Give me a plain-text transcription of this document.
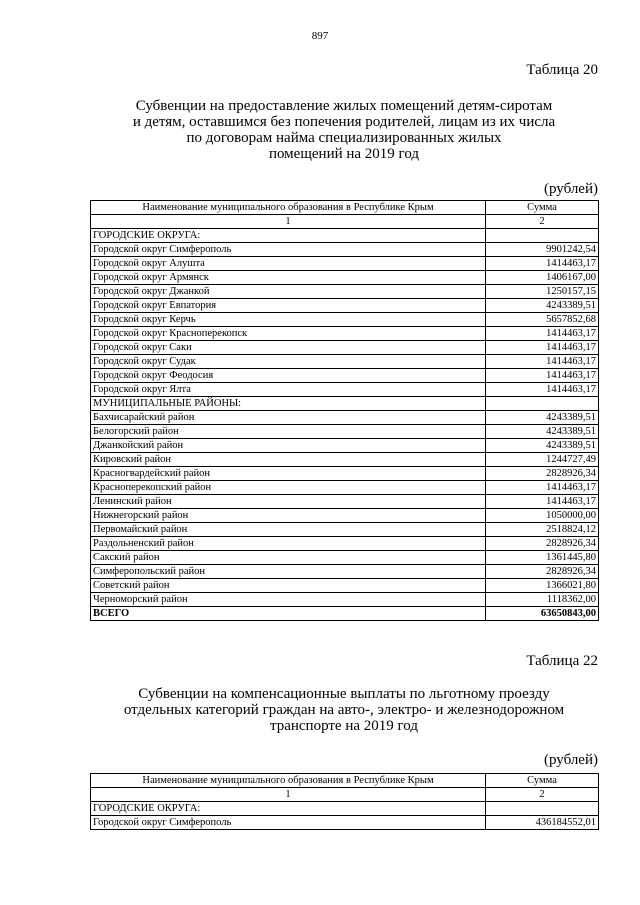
897
Таблица 20
Субвенции на предоставление жилых помещений детям-сиротам
и детям, оставшимся без попечения родителей, лицам из их числа
по договорам найма специализированных жилых
помещений на 2019 год
(рублей)
Наименование муниципального образования в Республике Крым	Сумма
1	2
ГОРОДСКИЕ ОКРУГА:	
Городской округ Симферополь	9901242,54
Городской округ Алушта	1414463,17
Городской округ Армянск	1406167,00
Городской округ Джанкой	1250157,15
Городской округ Евпатория	4243389,51
Городской округ Керчь	5657852,68
Городской округ Красноперекопск	1414463,17
Городской округ Саки	1414463,17
Городской округ Судак	1414463,17
Городской округ Феодосия	1414463,17
Городской округ Ялта	1414463,17
МУНИЦИПАЛЬНЫЕ РАЙОНЫ:	
Бахчисарайский район	4243389,51
Белогорский район	4243389,51
Джанкойский район	4243389,51
Кировский район	1244727,49
Красногвардейский район	2828926,34
Красноперекопский район	1414463,17
Ленинский район	1414463,17
Нижнегорский район	1050000,00
Первомайский район	2518824,12
Раздольненский район	2828926,34
Сакский район	1361445,80
Симферопольский район	2828926,34
Советский район	1366021,80
Черноморский район	1118362,00
ВСЕГО	63650843,00
Таблица 22
Субвенции на компенсационные выплаты по льготному проезду
отдельных категорий граждан на авто-, электро- и железнодорожном
транспорте на 2019 год
(рублей)
Наименование муниципального образования в Республике Крым	Сумма
1	2
ГОРОДСКИЕ ОКРУГА:	
Городской округ Симферополь	436184552,01
